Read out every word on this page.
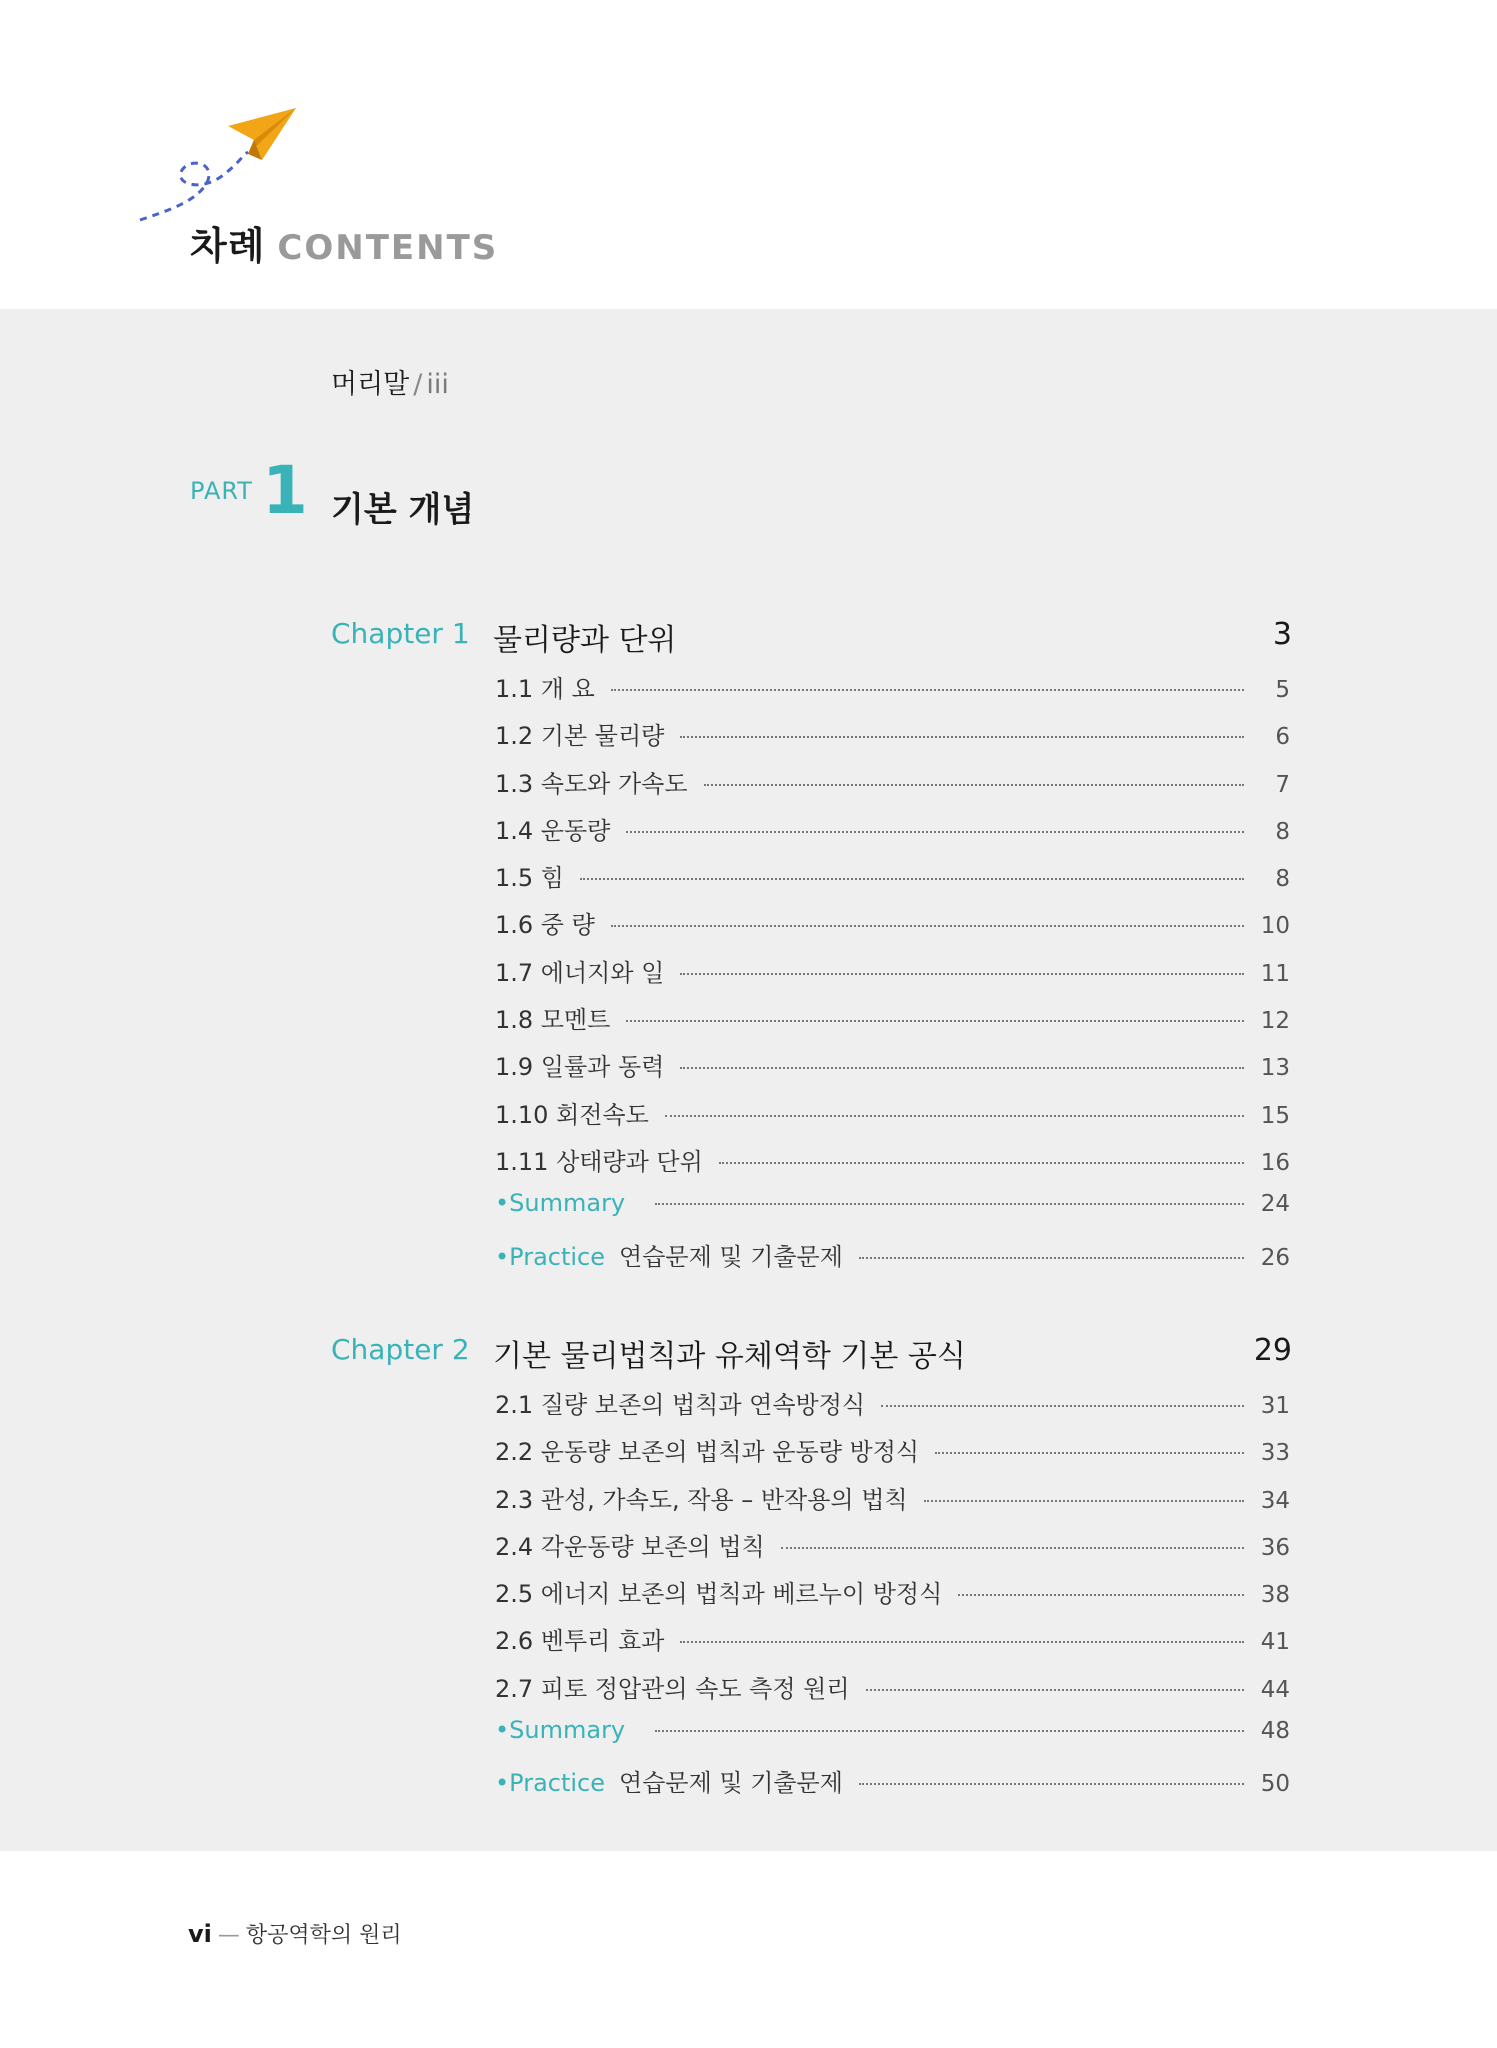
차례 CONTENTS
머리말 / iii
PART 1 기본 개념
Chapter 1 물리량과 단위	3
1.1 개 요	5
1.2 기본 물리량	6
1.3 속도와 가속도	7
1.4 운동량	8
1.5 힘	8
1.6 중 량	10
1.7 에너지와 일	11
1.8 모멘트	12
1.9 일률과 동력	13
1.10 회전속도	15
1.11 상태량과 단위	16
•Summary	24
•Practice 연습문제 및 기출문제	26
Chapter 2 기본 물리법칙과 유체역학 기본 공식	29
2.1 질량 보존의 법칙과 연속방정식	31
2.2 운동량 보존의 법칙과 운동량 방정식	33
2.3 관성, 가속도, 작용 – 반작용의 법칙	34
2.4 각운동량 보존의 법칙	36
2.5 에너지 보존의 법칙과 베르누이 방정식	38
2.6 벤투리 효과	41
2.7 피토 정압관의 속도 측정 원리	44
•Summary	48
•Practice 연습문제 및 기출문제	50
vi — 항공역학의 원리
